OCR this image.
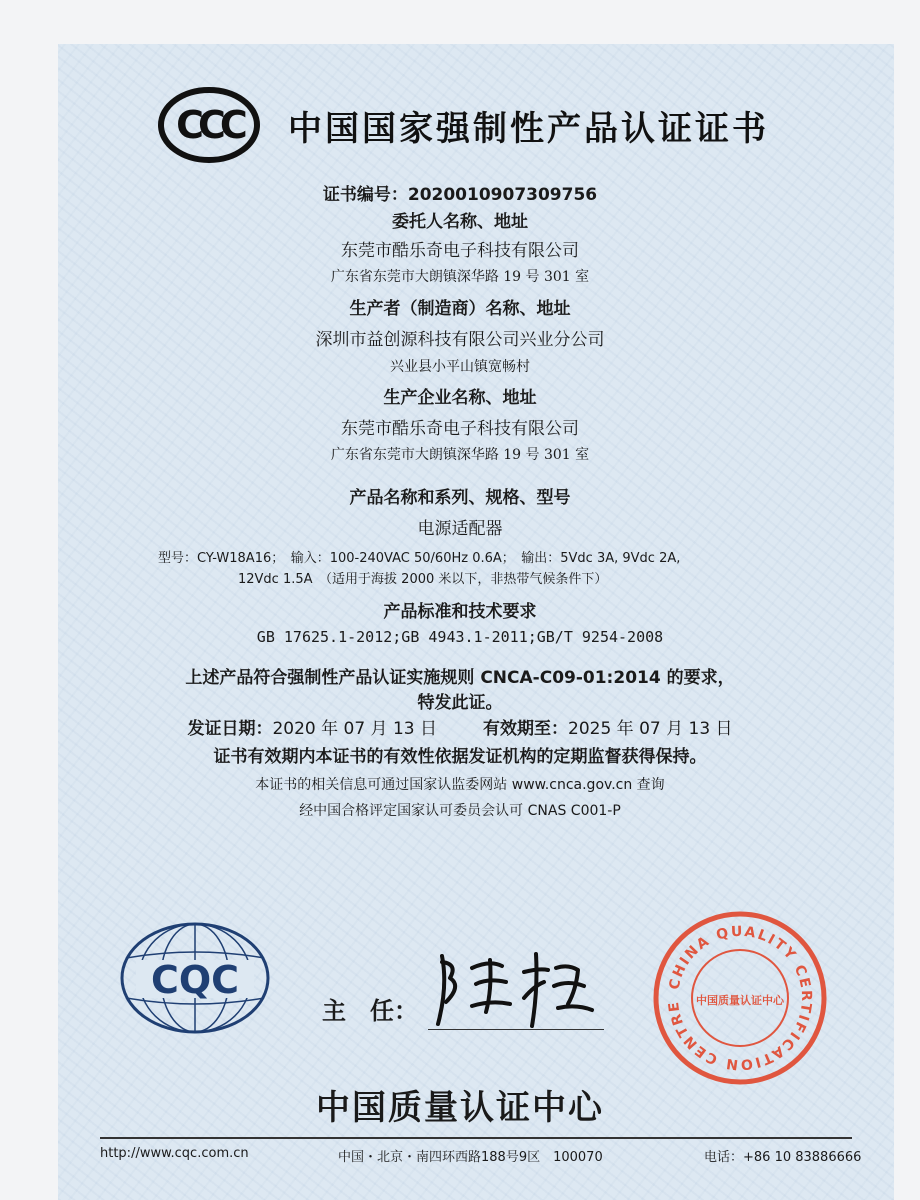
CCC 中国国家强制性产品认证证书
证书编号：2020010907309756
委托人名称、地址
东莞市酷乐奇电子科技有限公司
广东省东莞市大朗镇深华路 19 号 301 室
生产者（制造商）名称、地址
深圳市益创源科技有限公司兴业分公司
兴业县小平山镇宽畅村
生产企业名称、地址
东莞市酷乐奇电子科技有限公司
广东省东莞市大朗镇深华路 19 号 301 室
产品名称和系列、规格、型号
电源适配器
型号：CY-W18A16；　输入：100-240VAC 50/60Hz 0.6A；　输出：5Vdc 3A, 9Vdc 2A,
12Vdc 1.5A　（适用于海拔 2000 米以下，非热带气候条件下）
产品标准和技术要求
GB 17625.1-2012;GB 4943.1-2011;GB/T 9254-2008
上述产品符合强制性产品认证实施规则 CNCA-C09-01:2014 的要求，
特发此证。
发证日期：2020 年 07 月 13 日	有效期至：2025 年 07 月 13 日
证书有效期内本证书的有效性依据发证机构的定期监督获得保持。
本证书的相关信息可通过国家认监委网站 www.cnca.gov.cn 查询
经中国合格评定国家认可委员会认可 CNAS C001-P
CQC
主　任：
CHINA QUALITY CERTIFICATION CENTRE	中国质量认证中心
中国质量认证中心
http://www.cqc.com.cn	中国・北京・南四环西路188号9区　100070	电话：+86 10 83886666
